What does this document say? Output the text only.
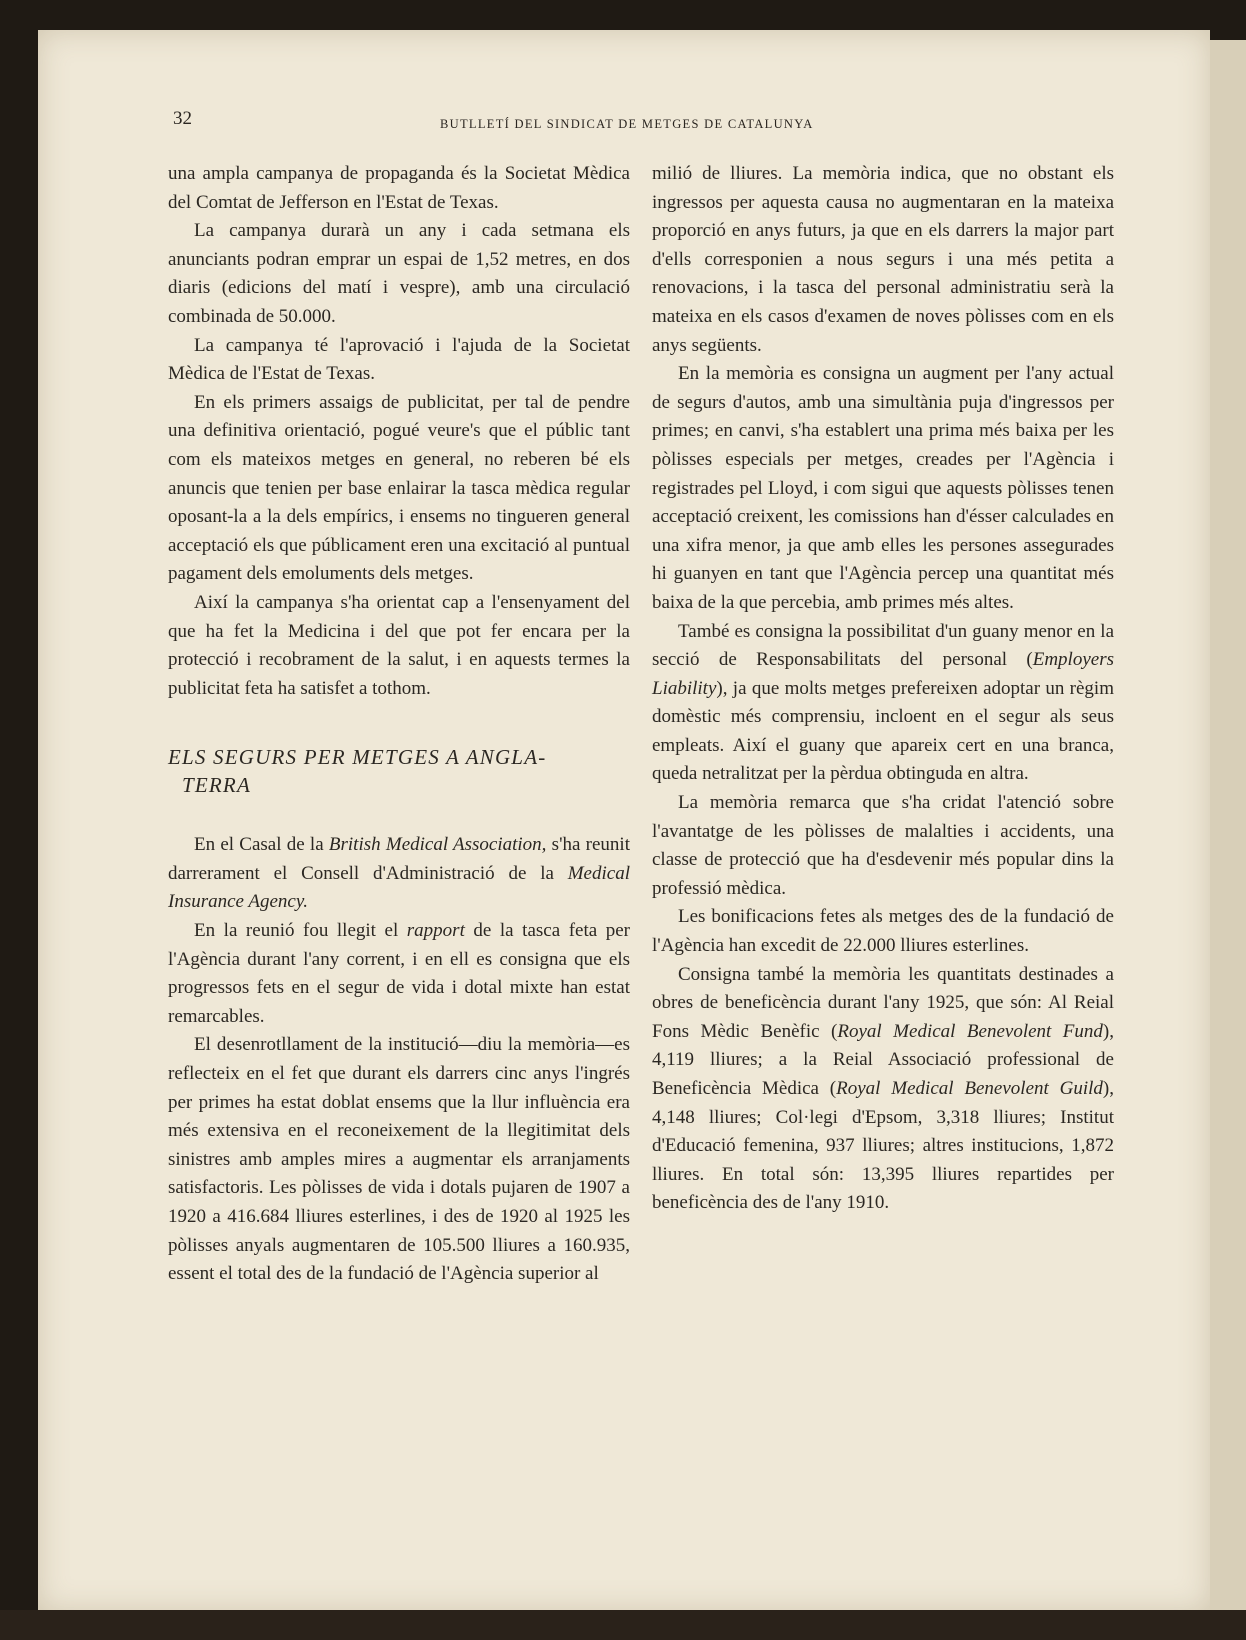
32	BUTLLETÍ DEL SINDICAT DE METGES DE CATALUNYA

una ampla campanya de propaganda és la Societat Mèdica del Comtat de Jefferson en l'Estat de Texas.

La campanya durarà un any i cada setmana els anunciants podran emprar un espai de 1,52 metres, en dos diaris (edicions del matí i vespre), amb una circulació combinada de 50.000.

La campanya té l'aprovació i l'ajuda de la Societat Mèdica de l'Estat de Texas.

En els primers assaigs de publicitat, per tal de pendre una definitiva orientació, pogué veure's que el públic tant com els mateixos metges en general, no reberen bé els anuncis que tenien per base enlairar la tasca mèdica regular oposant-la a la dels empírics, i ensems no tingueren general acceptació els que públicament eren una excitació al puntual pagament dels emoluments dels metges.

Així la campanya s'ha orientat cap a l'ensenyament del que ha fet la Medicina i del que pot fer encara per la protecció i recobrament de la salut, i en aquests termes la publicitat feta ha satisfet a tothom.

ELS SEGURS PER METGES A ANGLA-
TERRA

En el Casal de la British Medical Association, s'ha reunit darrerament el Consell d'Administració de la Medical Insurance Agency.

En la reunió fou llegit el rapport de la tasca feta per l'Agència durant l'any corrent, i en ell es consigna que els progressos fets en el segur de vida i dotal mixte han estat remarcables.

El desenrotllament de la institució—diu la memòria—es reflecteix en el fet que durant els darrers cinc anys l'ingrés per primes ha estat doblat ensems que la llur influència era més extensiva en el reconeixement de la llegitimitat dels sinistres amb amples mires a augmentar els arranjaments satisfactoris. Les pòlisses de vida i dotals pujaren de 1907 a 1920 a 416.684 lliures esterlines, i des de 1920 al 1925 les pòlisses anyals augmentaren de 105.500 lliures a 160.935, essent el total des de la fundació de l'Agència superior al

milió de lliures. La memòria indica, que no obstant els ingressos per aquesta causa no augmentaran en la mateixa proporció en anys futurs, ja que en els darrers la major part d'ells corresponien a nous segurs i una més petita a renovacions, i la tasca del personal administratiu serà la mateixa en els casos d'examen de noves pòlisses com en els anys següents.

En la memòria es consigna un augment per l'any actual de segurs d'autos, amb una simultània puja d'ingressos per primes; en canvi, s'ha establert una prima més baixa per les pòlisses especials per metges, creades per l'Agència i registrades pel Lloyd, i com sigui que aquests pòlisses tenen acceptació creixent, les comissions han d'ésser calculades en una xifra menor, ja que amb elles les persones assegurades hi guanyen en tant que l'Agència percep una quantitat més baixa de la que percebia, amb primes més altes.

També es consigna la possibilitat d'un guany menor en la secció de Responsabilitats del personal (Employers Liability), ja que molts metges prefereixen adoptar un règim domèstic més comprensiu, incloent en el segur als seus empleats. Així el guany que apareix cert en una branca, queda netralitzat per la pèrdua obtinguda en altra.

La memòria remarca que s'ha cridat l'atenció sobre l'avantatge de les pòlisses de malalties i accidents, una classe de protecció que ha d'esdevenir més popular dins la professió mèdica.

Les bonificacions fetes als metges des de la fundació de l'Agència han excedit de 22.000 lliures esterlines.

Consigna també la memòria les quantitats destinades a obres de beneficència durant l'any 1925, que són: Al Reial Fons Mèdic Benèfic (Royal Medical Benevolent Fund), 4,119 lliures; a la Reial Associació professional de Beneficència Mèdica (Royal Medical Benevolent Guild), 4,148 lliures; Col·legi d'Epsom, 3,318 lliures; Institut d'Educació femenina, 937 lliures; altres institucions, 1,872 lliures. En total són: 13,395 lliures repartides per beneficència des de l'any 1910.
